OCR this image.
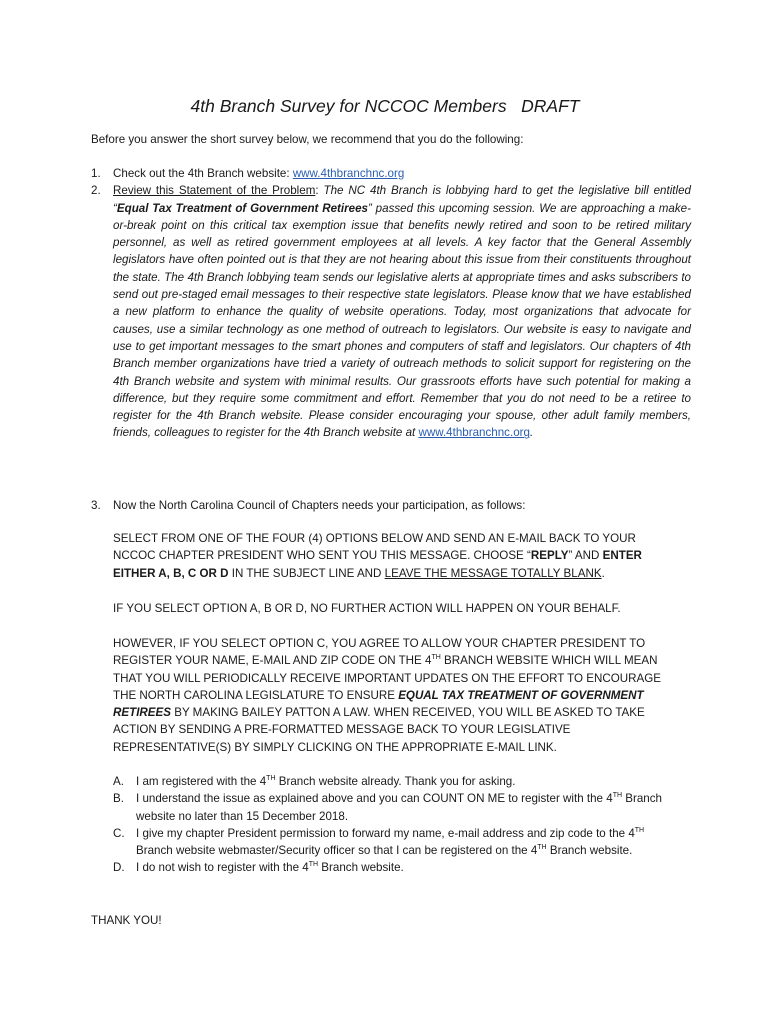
4th Branch Survey for NCCOC Members   DRAFT
Before you answer the short survey below, we recommend that you do the following:
1. Check out the 4th Branch website: www.4thbranchnc.org
2. Review this Statement of the Problem: The NC 4th Branch is lobbying hard to get the legislative bill entitled “Equal Tax Treatment of Government Retirees” passed this upcoming session. We are approaching a make-or-break point on this critical tax exemption issue that benefits newly retired and soon to be retired military personnel, as well as retired government employees at all levels. A key factor that the General Assembly legislators have often pointed out is that they are not hearing about this issue from their constituents throughout the state. The 4th Branch lobbying team sends our legislative alerts at appropriate times and asks subscribers to send out pre-staged email messages to their respective state legislators. Please know that we have established a new platform to enhance the quality of website operations. Today, most organizations that advocate for causes, use a similar technology as one method of outreach to legislators. Our website is easy to navigate and use to get important messages to the smart phones and computers of staff and legislators. Our chapters of 4th Branch member organizations have tried a variety of outreach methods to solicit support for registering on the 4th Branch website and system with minimal results. Our grassroots efforts have such potential for making a difference, but they require some commitment and effort. Remember that you do not need to be a retiree to register for the 4th Branch website. Please consider encouraging your spouse, other adult family members, friends, colleagues to register for the 4th Branch website at www.4thbranchnc.org.
3. Now the North Carolina Council of Chapters needs your participation, as follows:
SELECT FROM ONE OF THE FOUR (4) OPTIONS BELOW AND SEND AN E-MAIL BACK TO YOUR NCCOC CHAPTER PRESIDENT WHO SENT YOU THIS MESSAGE. CHOOSE “REPLY” AND ENTER EITHER A, B, C OR D IN THE SUBJECT LINE AND LEAVE THE MESSAGE TOTALLY BLANK.
IF YOU SELECT OPTION A, B OR D, NO FURTHER ACTION WILL HAPPEN ON YOUR BEHALF.
HOWEVER, IF YOU SELECT OPTION C, YOU AGREE TO ALLOW YOUR CHAPTER PRESIDENT TO REGISTER YOUR NAME, E-MAIL AND ZIP CODE ON THE 4TH BRANCH WEBSITE WHICH WILL MEAN THAT YOU WILL PERIODICALLY RECEIVE IMPORTANT UPDATES ON THE EFFORT TO ENCOURAGE THE NORTH CAROLINA LEGISLATURE TO ENSURE EQUAL TAX TREATMENT OF GOVERNMENT RETIREES BY MAKING BAILEY PATTON A LAW. WHEN RECEIVED, YOU WILL BE ASKED TO TAKE ACTION BY SENDING A PRE-FORMATTED MESSAGE BACK TO YOUR LEGISLATIVE REPRESENTATIVE(S) BY SIMPLY CLICKING ON THE APPROPRIATE E-MAIL LINK.
A. I am registered with the 4TH Branch website already. Thank you for asking.
B. I understand the issue as explained above and you can COUNT ON ME to register with the 4TH Branch website no later than 15 December 2018.
C. I give my chapter President permission to forward my name, e-mail address and zip code to the 4TH Branch website webmaster/Security officer so that I can be registered on the 4TH Branch website.
D. I do not wish to register with the 4TH Branch website.
THANK YOU!
